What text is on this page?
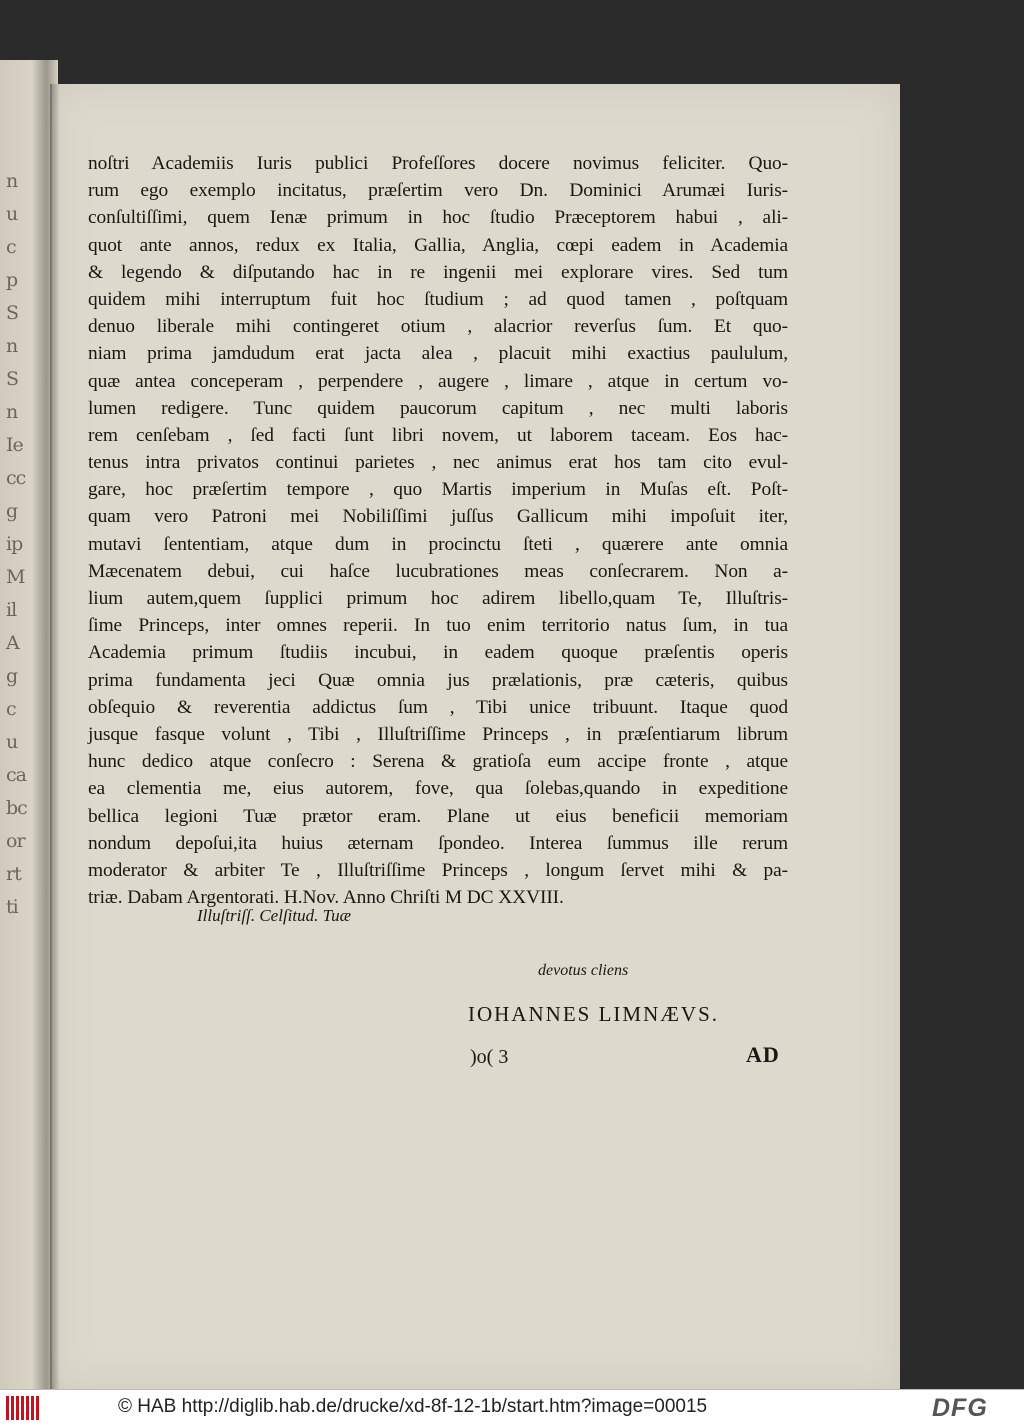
n
u
c
p
S
n
S
n
Ie
cc
g
ip
M
il
A
g
c
u
ca
bc
or
rt
ti
noſtri Academiis Iuris publici Profeſſores docere novimus feliciter. Quo-
rum ego exemplo incitatus, præſertim vero Dn. Dominici Arumæi Iuris-
conſultiſſimi, quem Ienæ primum in hoc ſtudio Præceptorem habui , ali-
quot ante annos, redux ex Italia, Gallia, Anglia, cœpi eadem in Academia
& legendo & diſputando hac in re ingenii mei explorare vires. Sed tum
quidem mihi interruptum fuit hoc ſtudium ; ad quod tamen , poſtquam
denuo liberale mihi contingeret otium , alacrior reverſus ſum. Et quo-
niam prima jamdudum erat jacta alea , placuit mihi exactius paululum,
quæ antea conceperam , perpendere , augere , limare , atque in certum vo-
lumen redigere. Tunc quidem paucorum capitum , nec multi laboris
rem cenſebam , ſed facti ſunt libri novem, ut laborem taceam. Eos hac-
tenus intra privatos continui parietes , nec animus erat hos tam cito evul-
gare, hoc præſertim tempore , quo Martis imperium in Muſas eſt. Poſt-
quam vero Patroni mei Nobiliſſimi juſſus Gallicum mihi impoſuit iter,
mutavi ſententiam, atque dum in procinctu ſteti , quærere ante omnia
Mæcenatem debui, cui haſce lucubrationes meas conſecrarem. Non a-
lium autem,quem ſupplici primum hoc adirem libello,quam Te, Illuſtris-
ſime Princeps, inter omnes reperii. In tuo enim territorio natus ſum, in tua
Academia primum ſtudiis incubui, in eadem quoque præſentis operis
prima fundamenta jeci Quæ omnia jus prælationis, præ cæteris, quibus
obſequio & reverentia addictus ſum , Tibi unice tribuunt. Itaque quod
jusque fasque volunt , Tibi , Illuſtriſſime Princeps , in præſentiarum librum
hunc dedico atque conſecro : Serena & gratioſa eum accipe fronte , atque
ea clementia me, eius autorem, fove, qua ſolebas,quando in expeditione
bellica legioni Tuæ prætor eram. Plane ut eius beneficii memoriam
nondum depoſui,ita huius æternam ſpondeo. Interea ſummus ille rerum
moderator & arbiter Te , Illuſtriſſime Princeps , longum ſervet mihi & pa-
triæ. Dabam Argentorati. H.Nov. Anno Chriſti M DC XXVIII.
Illuſtriſſ. Celſitud. Tuæ
devotus cliens
IOHANNES LIMNÆVS.
)o( 3	AD
© HAB http://diglib.hab.de/drucke/xd-8f-12-1b/start.htm?image=00015	DFG
